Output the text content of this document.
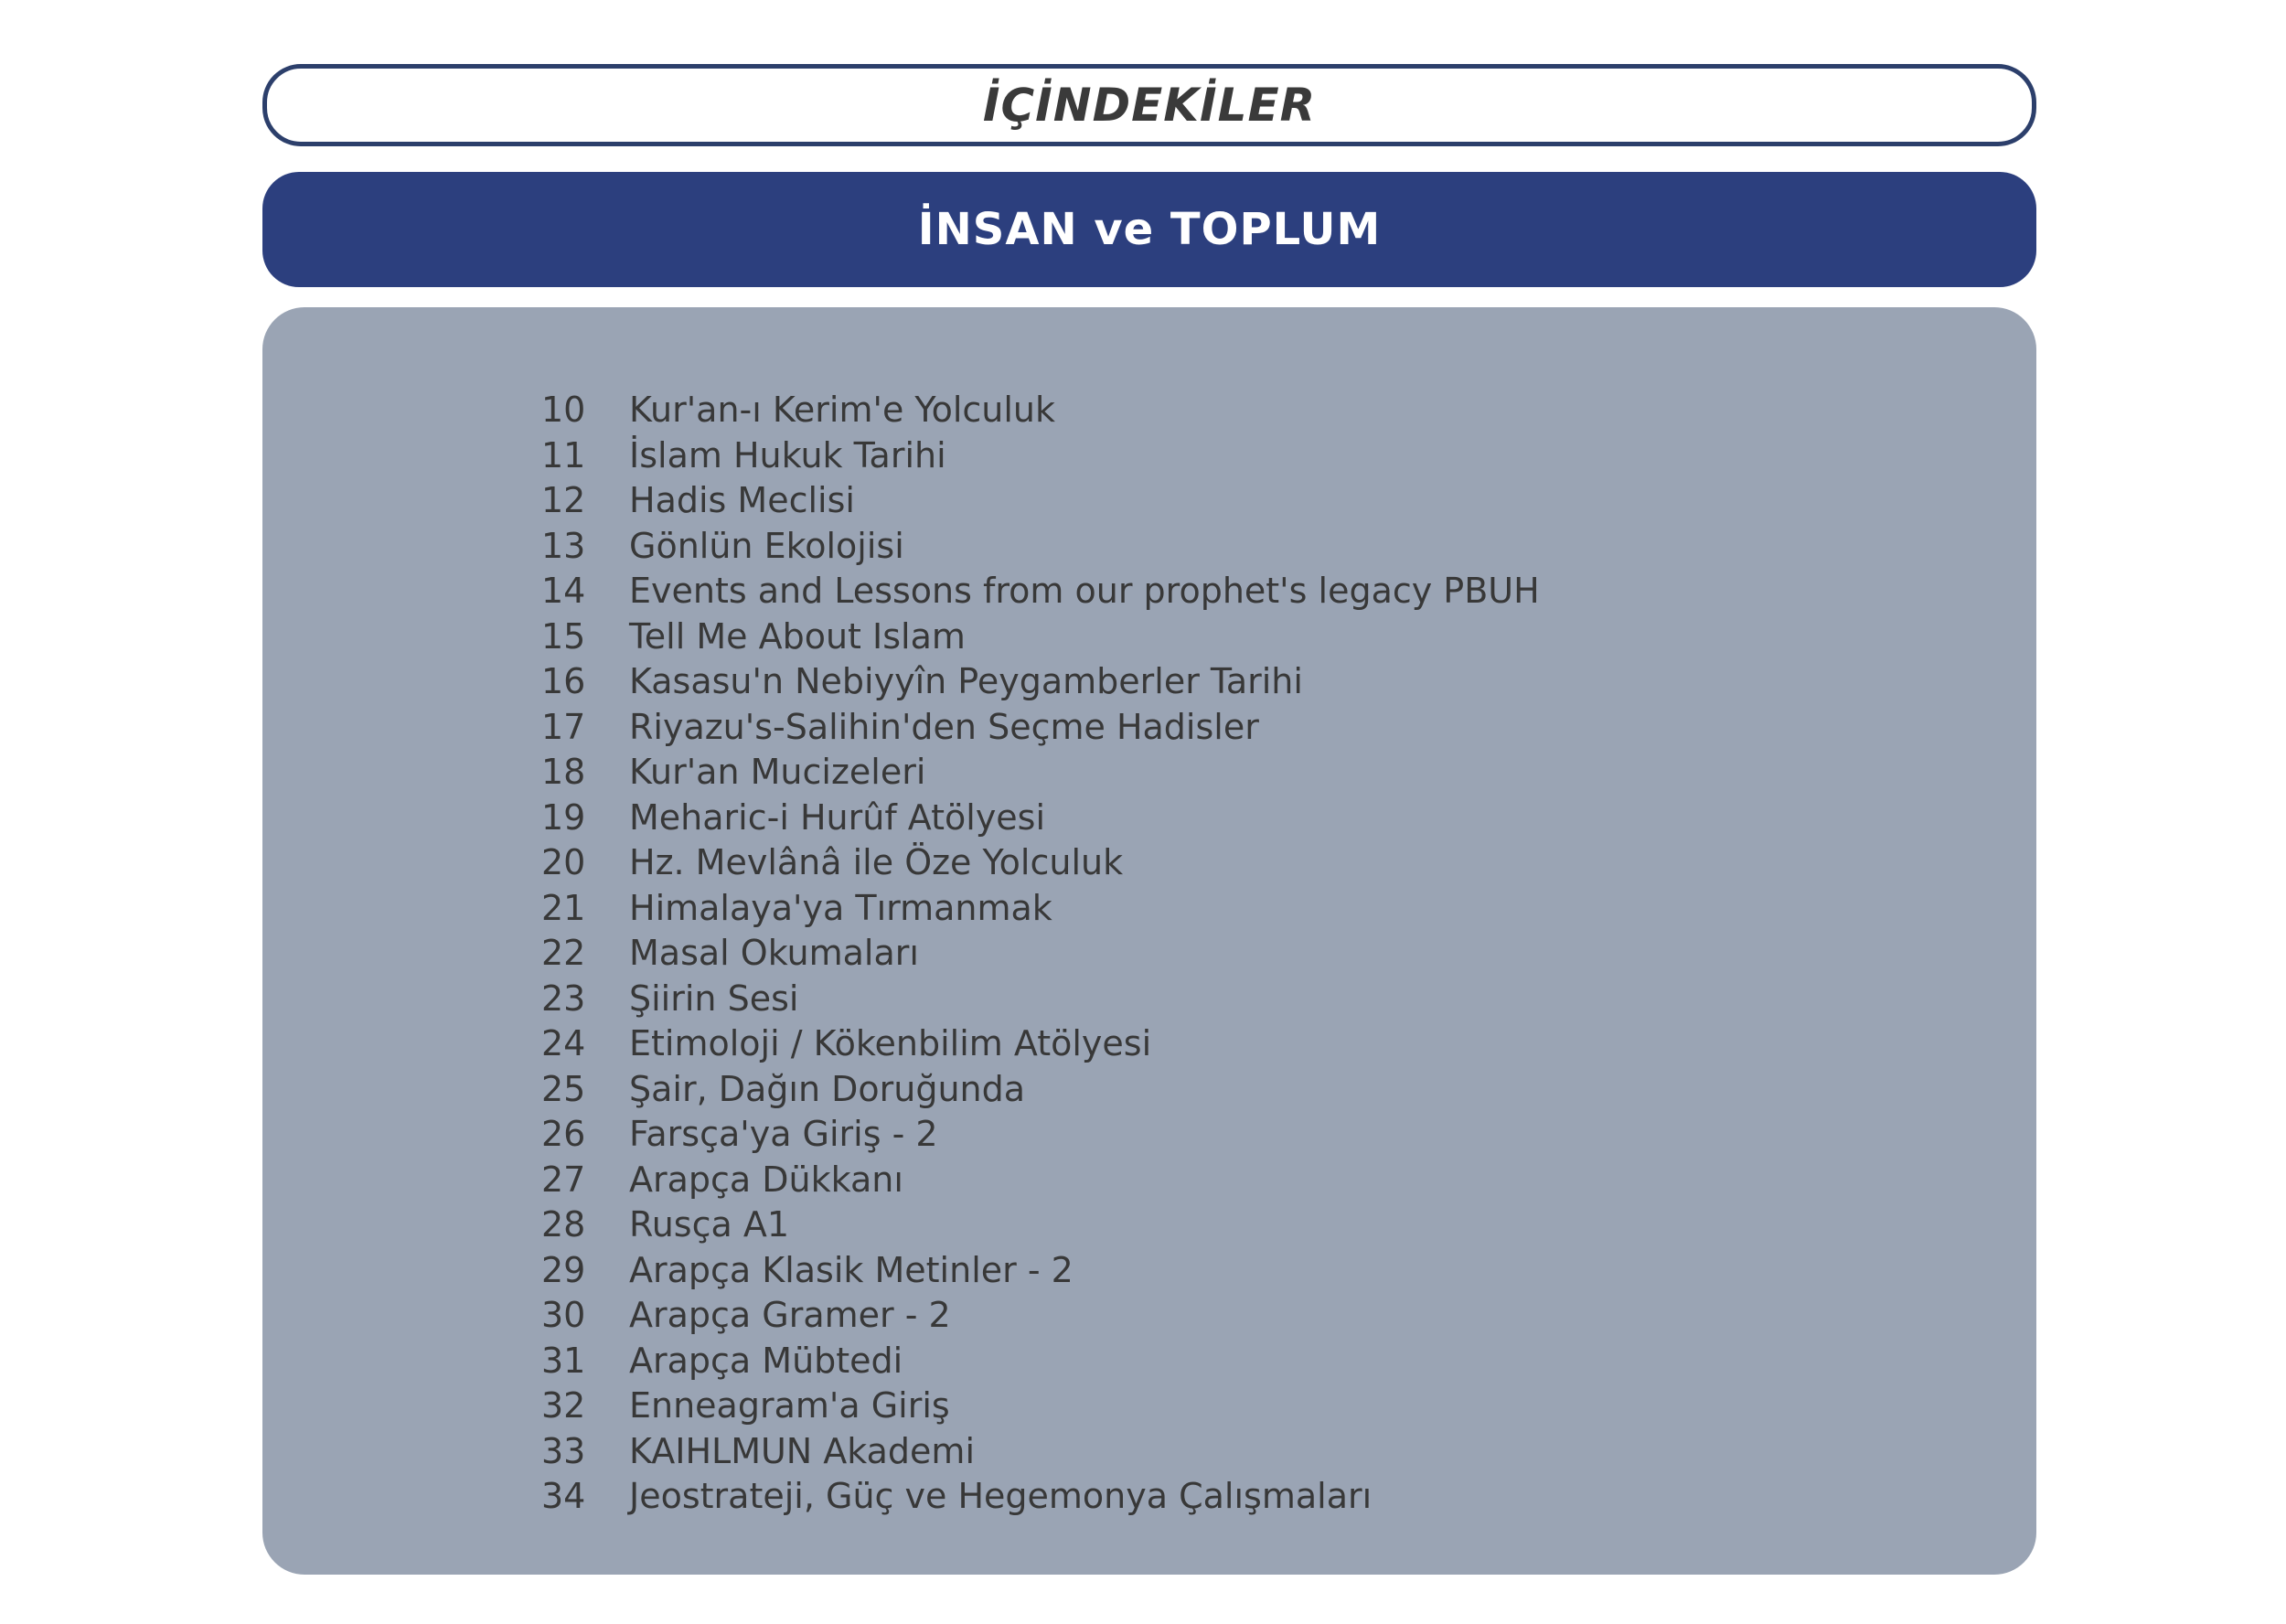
İÇİNDEKİLER
İNSAN ve TOPLUM
10	Kur'an-ı Kerim'e Yolculuk
11	İslam Hukuk Tarihi
12	Hadis Meclisi
13	Gönlün Ekolojisi
14	Events and Lessons from our prophet's legacy PBUH
15	Tell Me About Islam
16	Kasasu'n Nebiyyîn Peygamberler Tarihi
17	Riyazu's-Salihin'den Seçme Hadisler
18	Kur'an Mucizeleri
19	Meharic-i Hurûf Atölyesi
20	Hz. Mevlânâ ile Öze Yolculuk
21	Himalaya'ya Tırmanmak
22	Masal Okumaları
23	Şiirin Sesi
24	Etimoloji / Kökenbilim Atölyesi
25	Şair, Dağın Doruğunda
26	Farsça'ya Giriş - 2
27	Arapça Dükkanı
28	Rusça A1
29	Arapça Klasik Metinler - 2
30	Arapça Gramer - 2
31	Arapça Mübtedi
32	Enneagram'a Giriş
33	KAIHLMUN Akademi
34	Jeostrateji, Güç ve Hegemonya Çalışmaları
